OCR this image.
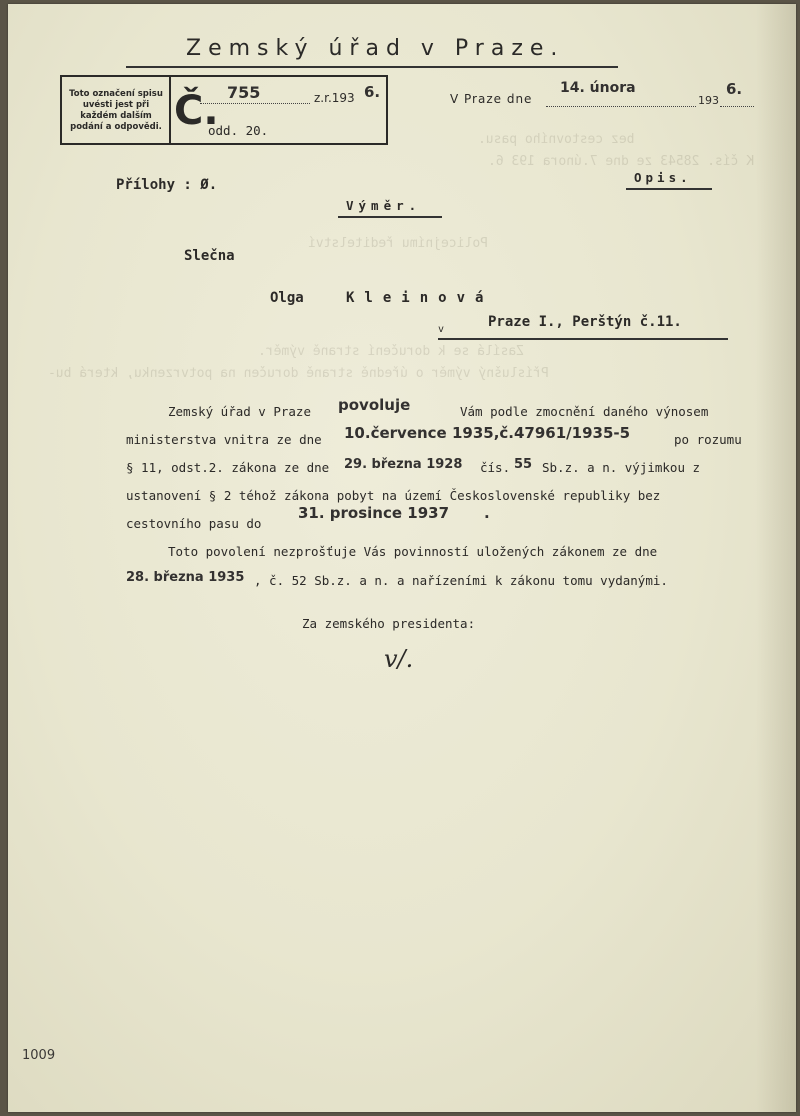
bez cestovního pasu.
K čís. 28543 ze dne 7.února 193 6.
Policejnímu ředitelství
Zasílá se k doručení straně výměr.
Příslušný výměr o úředně straně doručen na potvrzenku, která bu-
Zemský úřad v Praze.
Toto označení spisu uvésti jest při každém dalším podání a odpovědi. Č. 755	z.r.193 6.
odd. 20.
V Praze dne
14. února
193
6.
Opis.
Přílohy : Ø.
Výměr.
Slečna
Olga	Kleinová
v	Praze I., Perštýn č.11.
Zemský úřad v Praze povoluje	Vám podle zmocnění daného výnosem
ministerstva vnitra ze dne 10.července 1935,č.47961/1935-5	po rozumu
§ 11, odst.2. zákona ze dne 29. března 1928 čís. 55 Sb.z. a n. výjimkou z
ustanovení § 2 téhož zákona pobyt na území Československé republiky bez
cestovního pasu do
31. prosince 1937 .
Toto povolení nezprošťuje Vás povinností uložených zákonem ze dne
28. března 1935 , č. 52 Sb.z. a n. a nařízeními k zákonu tomu vydanými.
Za zemského presidenta:
v/.
1009
